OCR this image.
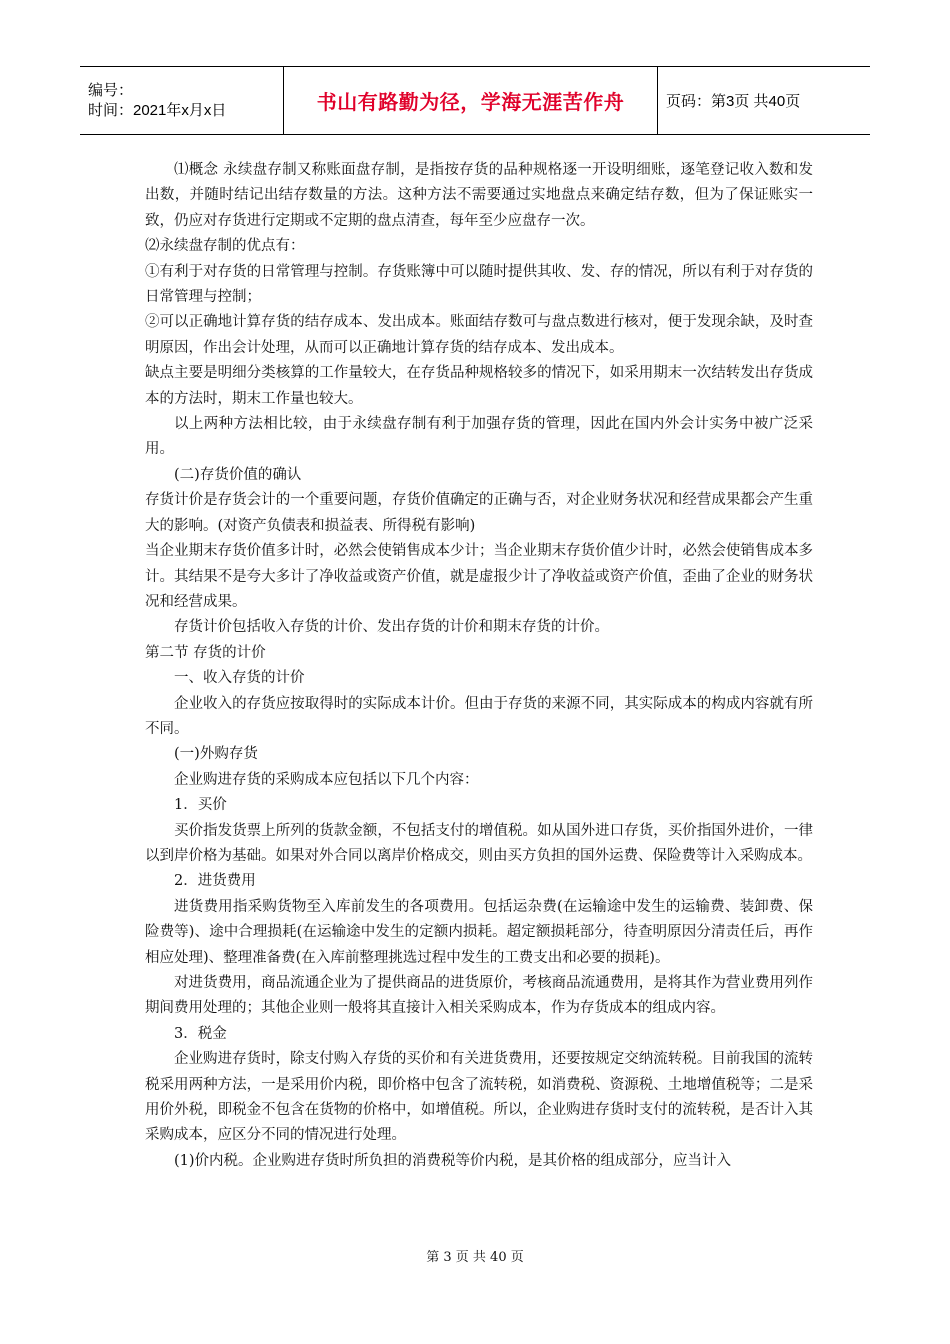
编号：
时间：2021年x月x日	书山有路勤为径，学海无涯苦作舟	页码：第3页 共40页

⑴概念 永续盘存制又称账面盘存制，是指按存货的品种规格逐一开设明细账，逐笔登记收入数和发出数，并随时结记出结存数量的方法。这种方法不需要通过实地盘点来确定结存数，但为了保证账实一致，仍应对存货进行定期或不定期的盘点清查，每年至少应盘存一次。

⑵永续盘存制的优点有：

①有利于对存货的日常管理与控制。存货账簿中可以随时提供其收、发、存的情况，所以有利于对存货的日常管理与控制；

②可以正确地计算存货的结存成本、发出成本。账面结存数可与盘点数进行核对，便于发现余缺，及时查明原因，作出会计处理，从而可以正确地计算存货的结存成本、发出成本。

缺点主要是明细分类核算的工作量较大，在存货品种规格较多的情况下，如采用期末一次结转发出存货成本的方法时，期末工作量也较大。

以上两种方法相比较，由于永续盘存制有利于加强存货的管理，因此在国内外会计实务中被广泛采用。

(二)存货价值的确认

存货计价是存货会计的一个重要问题，存货价值确定的正确与否，对企业财务状况和经营成果都会产生重大的影响。(对资产负债表和损益表、所得税有影响)

当企业期末存货价值多计时，必然会使销售成本少计；当企业期末存货价值少计时，必然会使销售成本多计。其结果不是夸大多计了净收益或资产价值，就是虚报少计了净收益或资产价值，歪曲了企业的财务状况和经营成果。

存货计价包括收入存货的计价、发出存货的计价和期末存货的计价。

第二节 存货的计价

一、收入存货的计价

企业收入的存货应按取得时的实际成本计价。但由于存货的来源不同，其实际成本的构成内容就有所不同。

(一)外购存货

企业购进存货的采购成本应包括以下几个内容：

1．买价

买价指发货票上所列的货款金额，不包括支付的增值税。如从国外进口存货，买价指国外进价，一律以到岸价格为基础。如果对外合同以离岸价格成交，则由买方负担的国外运费、保险费等计入采购成本。

2．进货费用

进货费用指采购货物至入库前发生的各项费用。包括运杂费(在运输途中发生的运输费、装卸费、保险费等)、途中合理损耗(在运输途中发生的定额内损耗。超定额损耗部分，待查明原因分清责任后，再作相应处理)、整理准备费(在入库前整理挑选过程中发生的工费支出和必要的损耗)。

对进货费用，商品流通企业为了提供商品的进货原价，考核商品流通费用，是将其作为营业费用列作期间费用处理的；其他企业则一般将其直接计入相关采购成本，作为存货成本的组成内容。

3．税金

企业购进存货时，除支付购入存货的买价和有关进货费用，还要按规定交纳流转税。目前我国的流转税采用两种方法，一是采用价内税，即价格中包含了流转税，如消费税、资源税、土地增值税等；二是采用价外税，即税金不包含在货物的价格中，如增值税。所以，企业购进存货时支付的流转税，是否计入其采购成本，应区分不同的情况进行处理。

(1)价内税。企业购进存货时所负担的消费税等价内税，是其价格的组成部分，应当计入

第 3 页 共 40 页
